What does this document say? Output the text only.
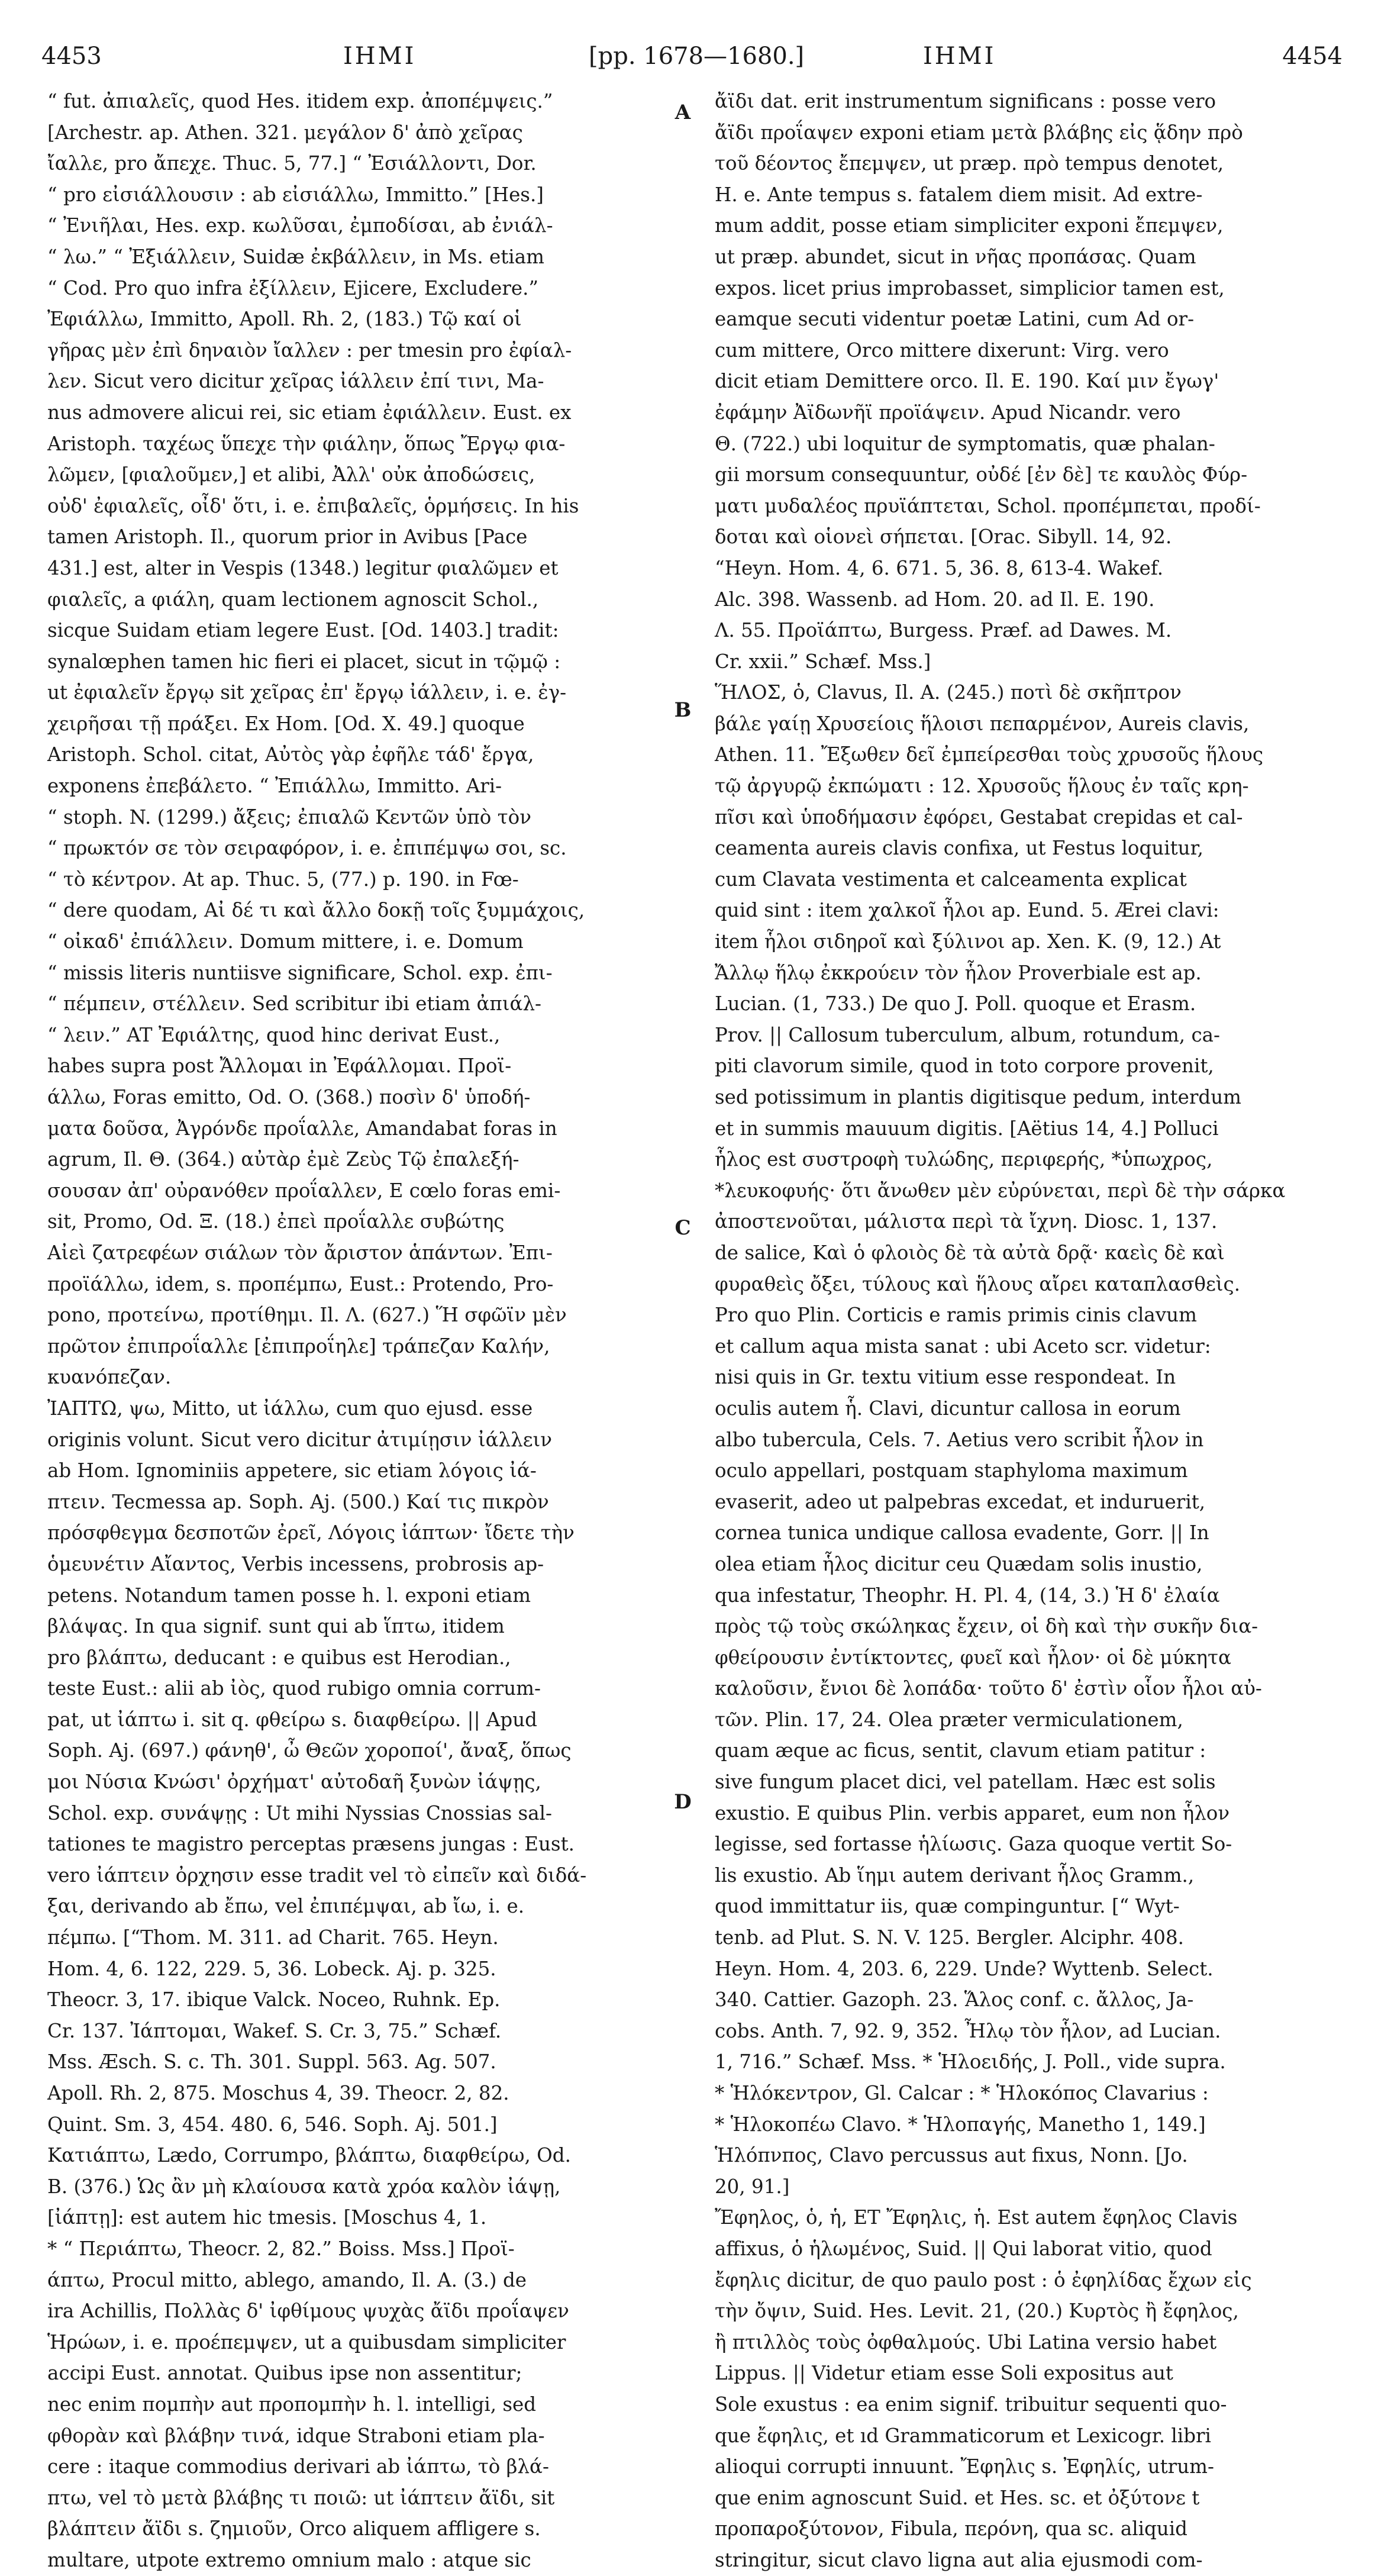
4453	IHMI	[pp. 1678—1680.]	IHMI	4454
“ fut. ἀπιαλεῖς, quod Hes. itidem exp. ἀποπέμψεις.”
[Archestr. ap. Athen. 321. μεγάλον δ' ἀπὸ χεῖρας
ἴαλλε, pro ἄπεχε. Thuc. 5, 77.] “ Ἐσιάλλοντι, Dor.
“ pro εἰσιάλλουσιν : ab εἰσιάλλω, Immitto.” [Hes.]
“ Ἐνιῆλαι, Hes. exp. κωλῦσαι, ἐμποδίσαι, ab ἐνιάλ-
“ λω.” “ Ἐξιάλλειν, Suidæ ἐκβάλλειν, in Ms. etiam
“ Cod. Pro quo infra ἐξίλλειν, Ejicere, Excludere.”
Ἐφιάλλω, Immitto, Apoll. Rh. 2, (183.) Τῷ καί οἱ
γῆρας μὲν ἐπὶ δηναιὸν ἴαλλεν : per tmesin pro ἐφίαλ-
λεν. Sicut vero dicitur χεῖρας ἰάλλειν ἐπί τινι, Ma-
nus admovere alicui rei, sic etiam ἐφιάλλειν. Eust. ex
Aristoph. ταχέως ὕπεχε τὴν φιάλην, ὅπως Ἔργῳ φια-
λῶμεν, [φιαλοῦμεν,] et alibi, Ἀλλ' οὐκ ἀποδώσεις,
οὐδ' ἐφιαλεῖς, οἶδ' ὅτι, i. e. ἐπιβαλεῖς, ὁρμήσεις. In his
tamen Aristoph. Il., quorum prior in Avibus [Pace
431.] est, alter in Vespis (1348.) legitur φιαλῶμεν et
φιαλεῖς, a φιάλη, quam lectionem agnoscit Schol.,
sicque Suidam etiam legere Eust. [Od. 1403.] tradit:
synalœphen tamen hic fieri ei placet, sicut in τῷμῷ :
ut ἐφιαλεῖν ἔργῳ sit χεῖρας ἐπ' ἔργῳ ἰάλλειν, i. e. ἐγ-
χειρῆσαι τῇ πράξει. Ex Hom. [Od. X. 49.] quoque
Aristoph. Schol. citat, Αὐτὸς γὰρ ἐφῆλε τάδ' ἔργα,
exponens ἐπεβάλετο. “ Ἐπιάλλω, Immitto. Ari-
“ stoph. N. (1299.) ἄξεις; ἐπιαλῶ Κεντῶν ὑπὸ τὸν
“ πρωκτόν σε τὸν σειραφόρον, i. e. ἐπιπέμψω σοι, sc.
“ τὸ κέντρον. At ap. Thuc. 5, (77.) p. 190. in Fœ-
“ dere quodam, Αἰ δέ τι καὶ ἄλλο δοκῇ τοῖς ξυμμάχοις,
“ οἰκαδ' ἐπιάλλειν. Domum mittere, i. e. Domum
“ missis literis nuntiisve significare, Schol. exp. ἐπι-
“ πέμπειν, στέλλειν. Sed scribitur ibi etiam ἀπιάλ-
“ λειν.” AT Ἐφιάλτης, quod hinc derivat Eust.,
habes supra post Ἄλλομαι in Ἐφάλλομαι. Προϊ-
άλλω, Foras emitto, Od. O. (368.) ποσὶν δ' ὑποδή-
ματα δοῦσα, Ἀγρόνδε προΐαλλε, Amandabat foras in
agrum, Il. Θ. (364.) αὐτὰρ ἐμὲ Ζεὺς Τῷ ἐπαλεξή-
σουσαν ἀπ' οὐρανόθεν προΐαλλεν, E cœlo foras emi-
sit, Promo, Od. Ξ. (18.) ἐπεὶ προΐαλλε συβώτης
Αἰεὶ ζατρεφέων σιάλων τὸν ἄριστον ἁπάντων. Ἐπι-
προϊάλλω, idem, s. προπέμπω, Eust.: Protendo, Pro-
pono, προτείνω, προτίθημι. Il. Λ. (627.) Ἥ σφῶϊν μὲν
πρῶτον ἐπιπροΐαλλε [ἐπιπροΐηλε] τράπεζαν Καλήν,
κυανόπεζαν.
ἸΑΠΤΩ, ψω, Mitto, ut ἰάλλω, cum quo ejusd. esse
originis volunt. Sicut vero dicitur ἀτιμίῃσιν ἰάλλειν
ab Hom. Ignominiis appetere, sic etiam λόγοις ἰά-
πτειν. Tecmessa ap. Soph. Aj. (500.) Καί τις πικρὸν
πρόσφθεγμα δεσποτῶν ἐρεῖ, Λόγοις ἰάπτων· ἴδετε τὴν
ὁμευνέτιν Αἴαντος, Verbis incessens, probrosis ap-
petens. Notandum tamen posse h. l. exponi etiam
βλάψας. In qua signif. sunt qui ab ἵπτω, itidem
pro βλάπτω, deducant : e quibus est Herodian.,
teste Eust.: alii ab ἰὸς, quod rubigo omnia corrum-
pat, ut ἰάπτω i. sit q. φθείρω s. διαφθείρω. || Apud
Soph. Aj. (697.) φάνηθ', ὦ Θεῶν χοροποί', ἄναξ, ὅπως
μοι Νύσια Κνώσι' ὀρχήματ' αὐτοδαῆ ξυνὼν ἰάψῃς,
Schol. exp. συνάψῃς : Ut mihi Nyssias Cnossias sal-
tationes te magistro perceptas præsens jungas : Eust.
vero ἰάπτειν ὀρχησιν esse tradit vel τὸ εἰπεῖν καὶ διδά-
ξαι, derivando ab ἔπω, vel ἐπιπέμψαι, ab ἴω, i. e.
πέμπω. [“Thom. M. 311. ad Charit. 765. Heyn.
Hom. 4, 6. 122, 229. 5, 36. Lobeck. Aj. p. 325.
Theocr. 3, 17. ibique Valck. Noceo, Ruhnk. Ep.
Cr. 137. Ἰάπτομαι, Wakef. S. Cr. 3, 75.” Schæf.
Mss. Æsch. S. c. Th. 301. Suppl. 563. Ag. 507.
Apoll. Rh. 2, 875. Moschus 4, 39. Theocr. 2, 82.
Quint. Sm. 3, 454. 480. 6, 546. Soph. Aj. 501.]
Κατιάπτω, Lædo, Corrumpo, βλάπτω, διαφθείρω, Od.
B. (376.) Ὡς ἂν μὴ κλαίουσα κατὰ χρόα καλὸν ἰάψῃ,
[ἰάπτῃ]: est autem hic tmesis. [Moschus 4, 1.
* “ Περιάπτω, Theocr. 2, 82.” Boiss. Mss.] Προϊ-
άπτω, Procul mitto, ablego, amando, Il. A. (3.) de
ira Achillis, Πολλὰς δ' ἰφθίμους ψυχὰς ἄϊδι προΐαψεν
Ἡρώων, i. e. προέπεμψεν, ut a quibusdam simpliciter
accipi Eust. annotat. Quibus ipse non assentitur;
nec enim πομπὴν aut προπομπὴν h. l. intelligi, sed
φθορὰν καὶ βλάβην τινά, idque Straboni etiam pla-
cere : itaque commodius derivari ab ἰάπτω, τὸ βλά-
πτω, vel τὸ μετὰ βλάβης τι ποιῶ: ut ἰάπτειν ἄϊδι, sit
βλάπτειν ἄϊδι s. ζημιοῦν, Orco aliquem affligere s.
multare, utpote extremo omnium malo : atque sic
A
B
C
D
ἄϊδι dat. erit instrumentum significans : posse vero
ἄϊδι προΐαψεν exponi etiam μετὰ βλάβης εἰς ᾅδην πρὸ
τοῦ δέοντος ἔπεμψεν, ut præp. πρὸ tempus denotet,
H. e. Ante tempus s. fatalem diem misit. Ad extre-
mum addit, posse etiam simpliciter exponi ἔπεμψεν,
ut præp. abundet, sicut in νῆας προπάσας. Quam
expos. licet prius improbasset, simplicior tamen est,
eamque secuti videntur poetæ Latini, cum Ad or-
cum mittere, Orco mittere dixerunt: Virg. vero
dicit etiam Demittere orco. Il. E. 190. Καί μιν ἔγωγ'
ἐφάμην Ἀϊδωνῆϊ προϊάψειν. Apud Nicandr. vero
Θ. (722.) ubi loquitur de symptomatis, quæ phalan-
gii morsum consequuntur, οὐδέ [ἐν δὲ] τε καυλὸς Φύρ-
ματι μυδαλέος πρυϊάπτεται, Schol. προπέμπεται, προδί-
δοται καὶ οἱονεὶ σήπεται. [Orac. Sibyll. 14, 92.
“Heyn. Hom. 4, 6. 671. 5, 36. 8, 613-4. Wakef.
Alc. 398. Wassenb. ad Hom. 20. ad Il. E. 190.
Λ. 55. Προϊάπτω, Burgess. Præf. ad Dawes. M.
Cr. xxii.” Schæf. Mss.]
ἭΛΟΣ, ὁ, Clavus, Il. A. (245.) ποτὶ δὲ σκῆπτρον
βάλε γαίῃ Χρυσείοις ἥλοισι πεπαρμένον, Aureis clavis,
Athen. 11. Ἔξωθεν δεῖ ἐμπείρεσθαι τοὺς χρυσοῦς ἥλους
τῷ ἀργυρῷ ἐκπώματι : 12. Χρυσοῦς ἥλους ἐν ταῖς κρη-
πῖσι καὶ ὑποδήμασιν ἐφόρει, Gestabat crepidas et cal-
ceamenta aureis clavis confixa, ut Festus loquitur,
cum Clavata vestimenta et calceamenta explicat
quid sint : item χαλκοῖ ἧλοι ap. Eund. 5. Ærei clavi:
item ἧλοι σιδηροῖ καὶ ξύλινοι ap. Xen. K. (9, 12.) At
Ἄλλῳ ἥλῳ ἐκκρούειν τὸν ἧλον Proverbiale est ap.
Lucian. (1, 733.) De quo J. Poll. quoque et Erasm.
Prov. || Callosum tuberculum, album, rotundum, ca-
piti clavorum simile, quod in toto corpore provenit,
sed potissimum in plantis digitisque pedum, interdum
et in summis mauuum digitis. [Aëtius 14, 4.] Polluci
ἧλος est συστροφὴ τυλώδης, περιφερής, *ὑπωχρος,
*λευκοφυής· ὅτι ἄνωθεν μὲν εὐρύνεται, περὶ δὲ τὴν σάρκα
ἀποστενοῦται, μάλιστα περὶ τὰ ἴχνη. Diosc. 1, 137.
de salice, Καὶ ὁ φλοιὸς δὲ τὰ αὐτὰ δρᾷ· καεὶς δὲ καὶ
φυραθεὶς ὄξει, τύλους καὶ ἥλους αἴρει καταπλασθεὶς.
Pro quo Plin. Corticis e ramis primis cinis clavum
et callum aqua mista sanat : ubi Aceto scr. videtur:
nisi quis in Gr. textu vitium esse respondeat. In
oculis autem ἧ. Clavi, dicuntur callosa in eorum
albo tubercula, Cels. 7. Aetius vero scribit ἧλον in
oculo appellari, postquam staphyloma maximum
evaserit, adeo ut palpebras excedat, et induruerit,
cornea tunica undique callosa evadente, Gorr. || In
olea etiam ἧλος dicitur ceu Quædam solis inustio,
qua infestatur, Theophr. H. Pl. 4, (14, 3.) Ἡ δ' ἐλαία
πρὸς τῷ τοὺς σκώληκας ἔχειν, οἱ δὴ καὶ τὴν συκῆν δια-
φθείρουσιν ἐντίκτοντες, φυεῖ καὶ ἧλον· οἱ δὲ μύκητα
καλοῦσιν, ἔνιοι δὲ λοπάδα· τοῦτο δ' ἐστὶν οἷον ἧλοι αὐ-
τῶν. Plin. 17, 24. Olea præter vermiculationem,
quam æque ac ficus, sentit, clavum etiam patitur :
sive fungum placet dici, vel patellam. Hæc est solis
exustio. E quibus Plin. verbis apparet, eum non ἧλον
legisse, sed fortasse ἡλίωσις. Gaza quoque vertit So-
lis exustio. Ab ἵημι autem derivant ἧλος Gramm.,
quod immittatur iis, quæ compinguntur. [“ Wyt-
tenb. ad Plut. S. N. V. 125. Bergler. Alciphr. 408.
Heyn. Hom. 4, 203. 6, 229. Unde? Wyttenb. Select.
340. Cattier. Gazoph. 23. Ἅλος conf. c. ἄλλος, Ja-
cobs. Anth. 7, 92. 9, 352. Ἦλῳ τὸν ἧλον, ad Lucian.
1, 716.” Schæf. Mss. * Ἡλοειδής, J. Poll., vide supra.
* Ἡλόκεντρον, Gl. Calcar : * Ἡλοκόπος Clavarius :
* Ἡλοκοπέω Clavo. * Ἡλοπαγής, Manetho 1, 149.]
Ἡλόπνπος, Clavo percussus aut fixus, Nonn. [Jo.
20, 91.]
Ἔφηλος, ὁ, ἡ, ET Ἔφηλις, ἡ. Est autem ἔφηλος Clavis
affixus, ὁ ἡλωμένος, Suid. || Qui laborat vitio, quod
ἔφηλις dicitur, de quo paulo post : ὁ ἐφηλίδας ἔχων εἰς
τὴν ὄψιν, Suid. Hes. Levit. 21, (20.) Κυρτὸς ἢ ἔφηλος,
ἢ πτιλλὸς τοὺς ὀφθαλμούς. Ubi Latina versio habet
Lippus. || Videtur etiam esse Soli expositus aut
Sole exustus : ea enim signif. tribuitur sequenti quo-
que ἔφηλις, et ıd Grammaticorum et Lexicogr. libri
alioqui corrupti innuunt. Ἔφηλις s. Ἐφηλίς, utrum-
que enim agnoscunt Suid. et Hes. sc. et ὀξύτονε t
προπαροξύτονον, Fibula, περόνη, qua sc. aliquid
stringitur, sicut clavo ligna aut alia ejusmodi com-
